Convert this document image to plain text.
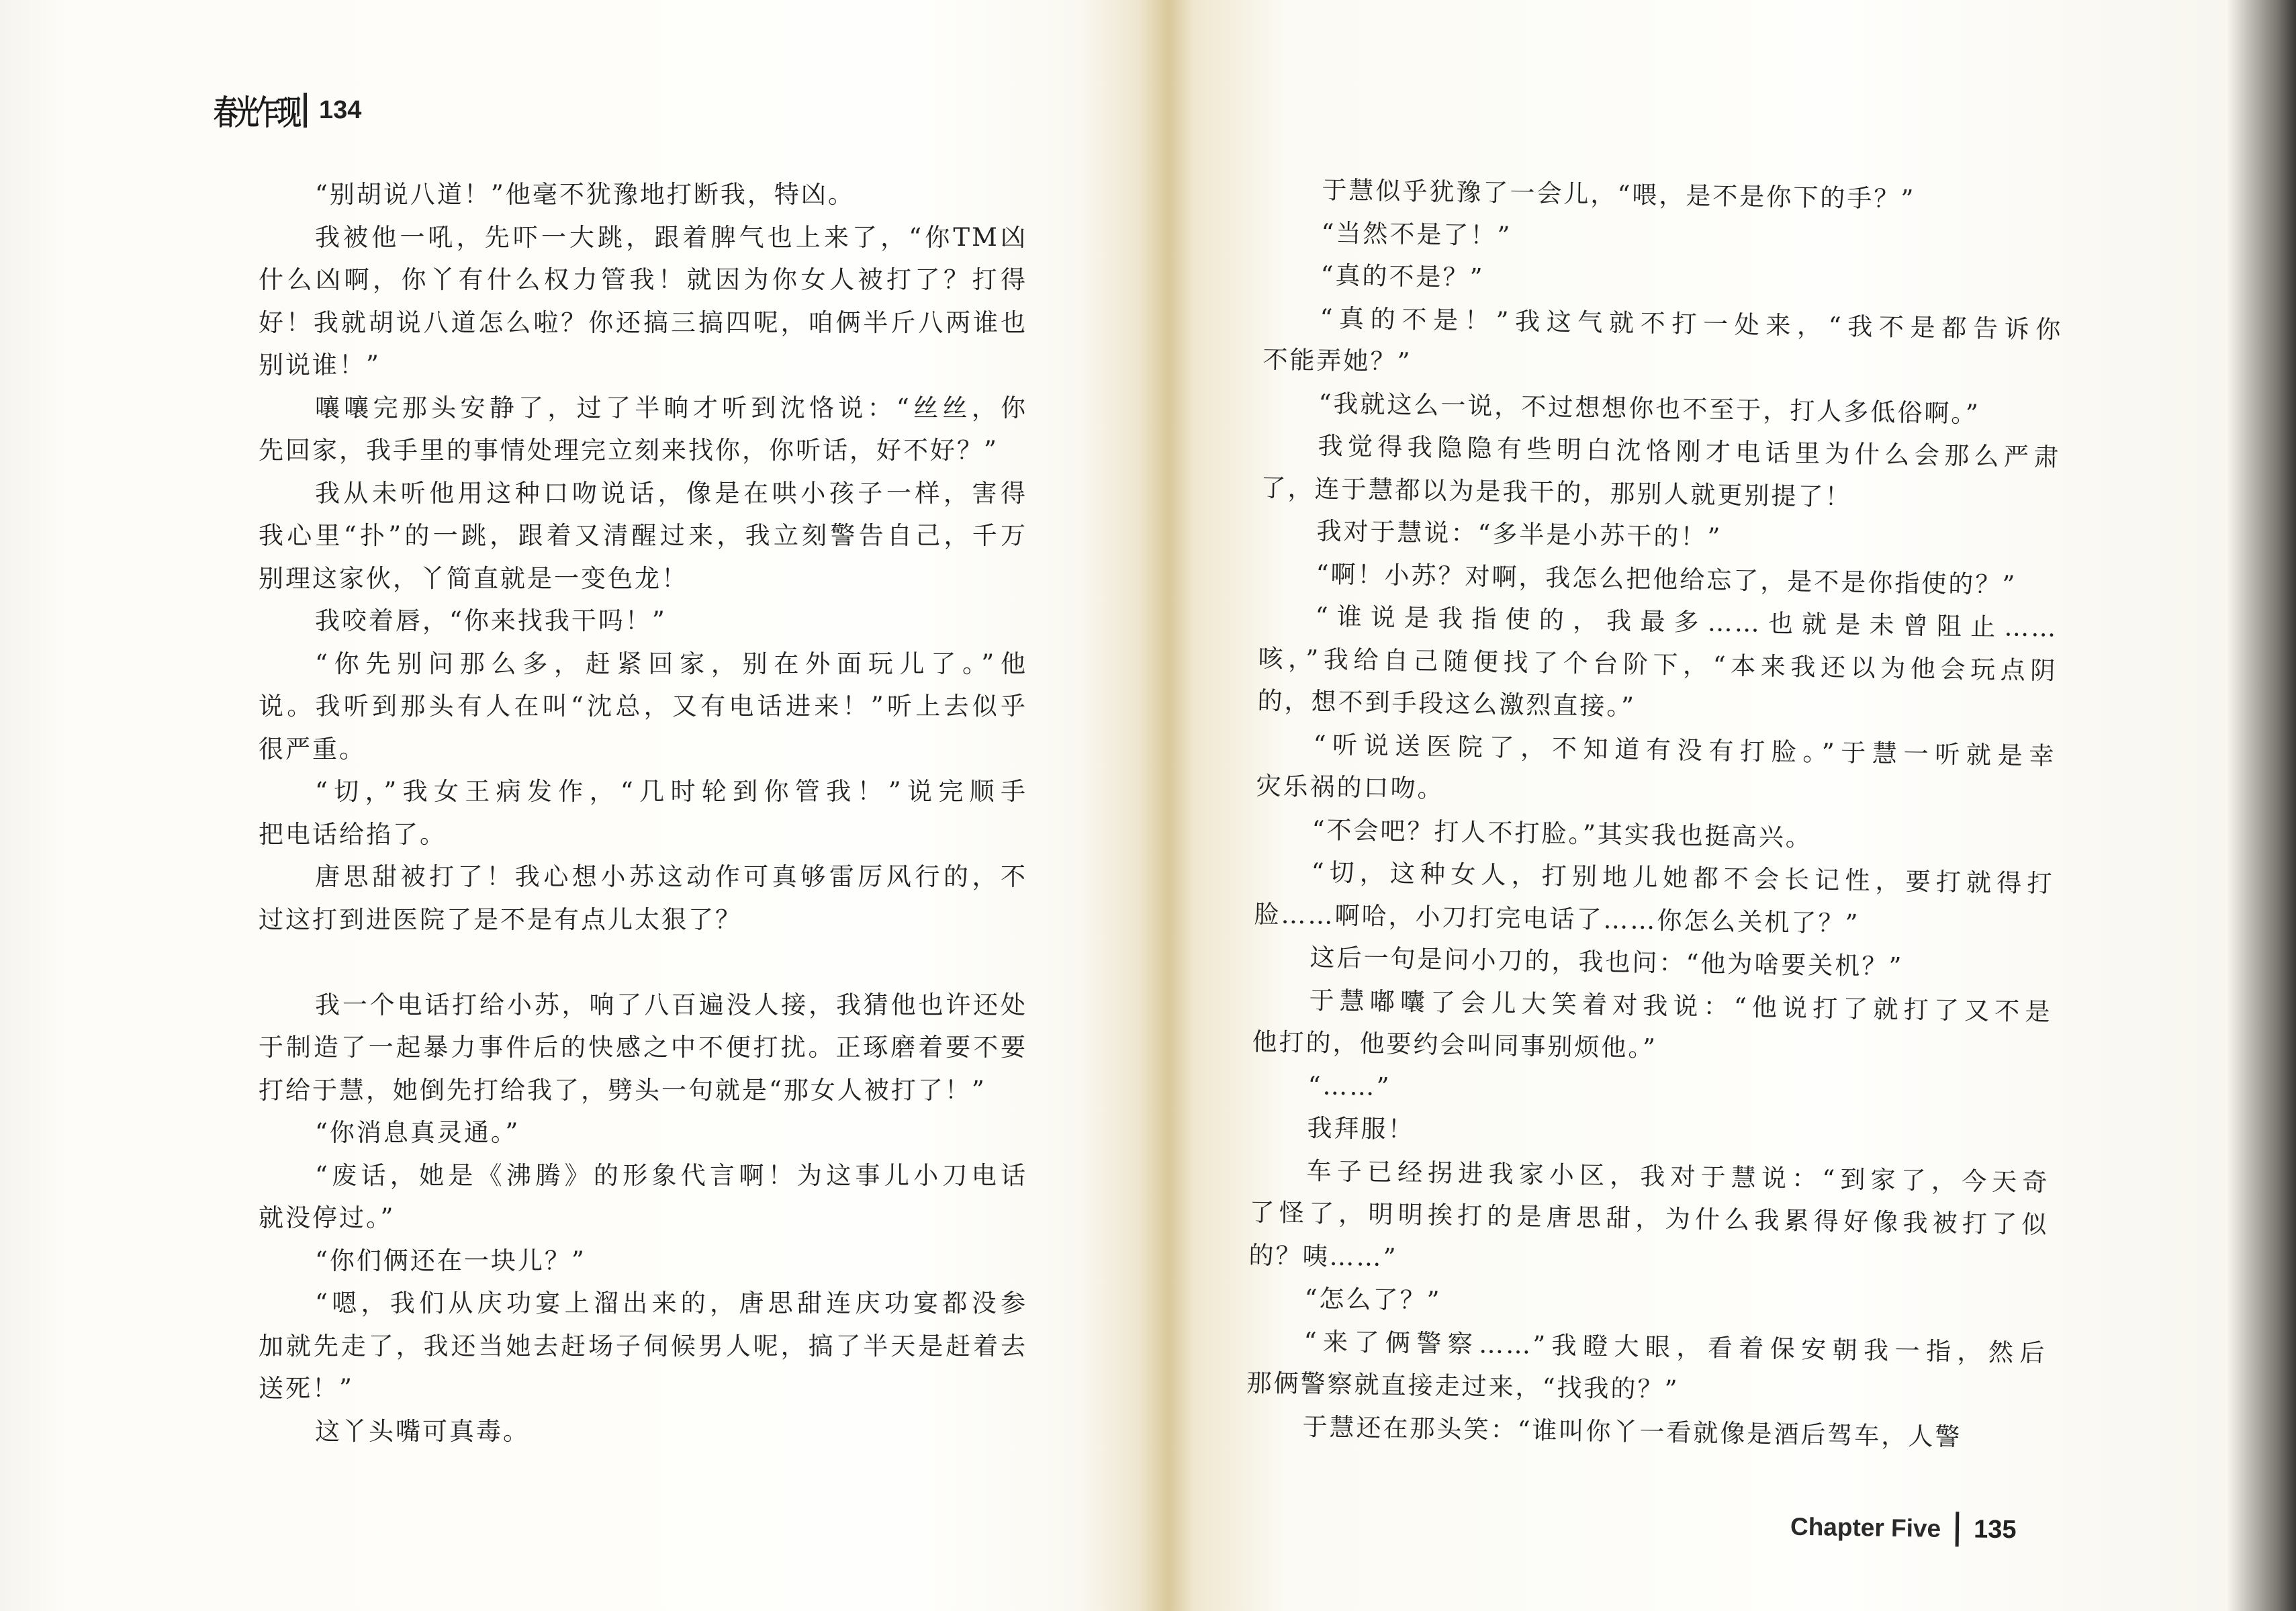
春光乍现 134
“别胡说八道！”他毫不犹豫地打断我，特凶。
我被他一吼，先吓一大跳，跟着脾气也上来了，“你TM凶
什么凶啊，你丫有什么权力管我！就因为你女人被打了？打得
好！我就胡说八道怎么啦？你还搞三搞四呢，咱俩半斤八两谁也
别说谁！”
嚷嚷完那头安静了，过了半晌才听到沈恪说：“丝丝，你
先回家，我手里的事情处理完立刻来找你，你听话，好不好？”
我从未听他用这种口吻说话，像是在哄小孩子一样，害得
我心里“扑”的一跳，跟着又清醒过来，我立刻警告自己，千万
别理这家伙，丫简直就是一变色龙！
我咬着唇，“你来找我干吗！”
“你先别问那么多，赶紧回家，别在外面玩儿了。”他
说。我听到那头有人在叫“沈总，又有电话进来！”听上去似乎
很严重。
“切，”我女王病发作，“几时轮到你管我！”说完顺手
把电话给掐了。
唐思甜被打了！我心想小苏这动作可真够雷厉风行的，不
过这打到进医院了是不是有点儿太狠了？
我一个电话打给小苏，响了八百遍没人接，我猜他也许还处
于制造了一起暴力事件后的快感之中不便打扰。正琢磨着要不要
打给于慧，她倒先打给我了，劈头一句就是“那女人被打了！”
“你消息真灵通。”
“废话，她是《沸腾》的形象代言啊！为这事儿小刀电话
就没停过。”
“你们俩还在一块儿？”
“嗯，我们从庆功宴上溜出来的，唐思甜连庆功宴都没参
加就先走了，我还当她去赶场子伺候男人呢，搞了半天是赶着去
送死！”
这丫头嘴可真毒。
于慧似乎犹豫了一会儿，“喂，是不是你下的手？”
“当然不是了！”
“真的不是？”
“真的不是！”我这气就不打一处来，“我不是都告诉你
不能弄她？”
“我就这么一说，不过想想你也不至于，打人多低俗啊。”
我觉得我隐隐有些明白沈恪刚才电话里为什么会那么严肃
了，连于慧都以为是我干的，那别人就更别提了！
我对于慧说：“多半是小苏干的！”
“啊！小苏？对啊，我怎么把他给忘了，是不是你指使的？”
“谁说是我指使的，我最多……也就是未曾阻止……
咳，”我给自己随便找了个台阶下，“本来我还以为他会玩点阴
的，想不到手段这么激烈直接。”
“听说送医院了，不知道有没有打脸。”于慧一听就是幸
灾乐祸的口吻。
“不会吧？打人不打脸。”其实我也挺高兴。
“切，这种女人，打别地儿她都不会长记性，要打就得打
脸……啊哈，小刀打完电话了……你怎么关机了？”
这后一句是问小刀的，我也问：“他为啥要关机？”
于慧嘟囔了会儿大笑着对我说：“他说打了就打了又不是
他打的，他要约会叫同事别烦他。”
“……”
我拜服！
车子已经拐进我家小区，我对于慧说：“到家了，今天奇
了怪了，明明挨打的是唐思甜，为什么我累得好像我被打了似
的？咦……”
“怎么了？”
“来了俩警察……”我瞪大眼，看着保安朝我一指，然后
那俩警察就直接走过来，“找我的？”
于慧还在那头笑：“谁叫你丫一看就像是酒后驾车，人警
Chapter Five 135
